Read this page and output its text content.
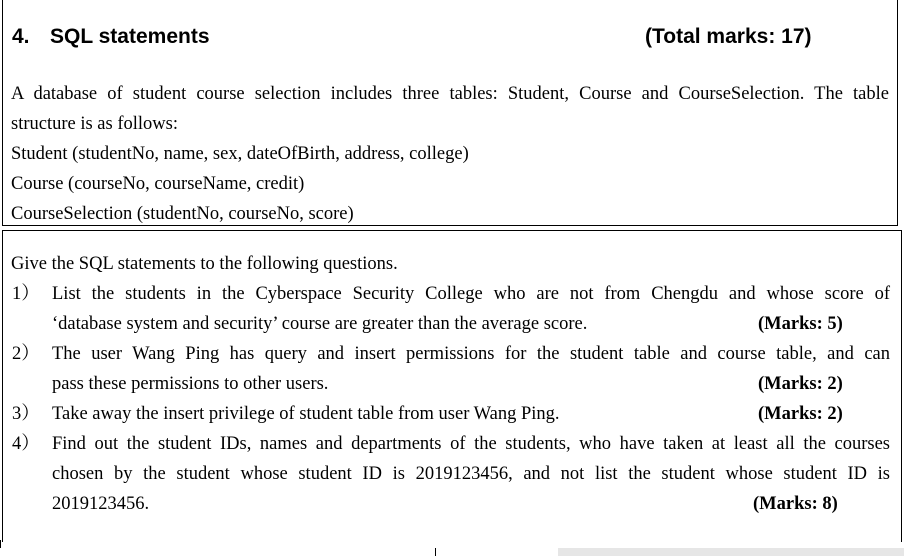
4. SQL statements	(Total marks: 17)
A database of student course selection includes three tables: Student, Course and CourseSelection. The table
structure is as follows:
Student (studentNo, name, sex, dateOfBirth, address, college)
Course (courseNo, courseName, credit)
CourseSelection (studentNo, courseNo, score)
Give the SQL statements to the following questions.
1） List the students in the Cyberspace Security College who are not from Chengdu and whose score of
‘database system and security’ course are greater than the average score.	(Marks: 5)
2） The user Wang Ping has query and insert permissions for the student table and course table, and can
pass these permissions to other users.	(Marks: 2)
3） Take away the insert privilege of student table from user Wang Ping.	(Marks: 2)
4） Find out the student IDs, names and departments of the students, who have taken at least all the courses
chosen by the student whose student ID is 2019123456, and not list the student whose student ID is
2019123456.	(Marks: 8)
